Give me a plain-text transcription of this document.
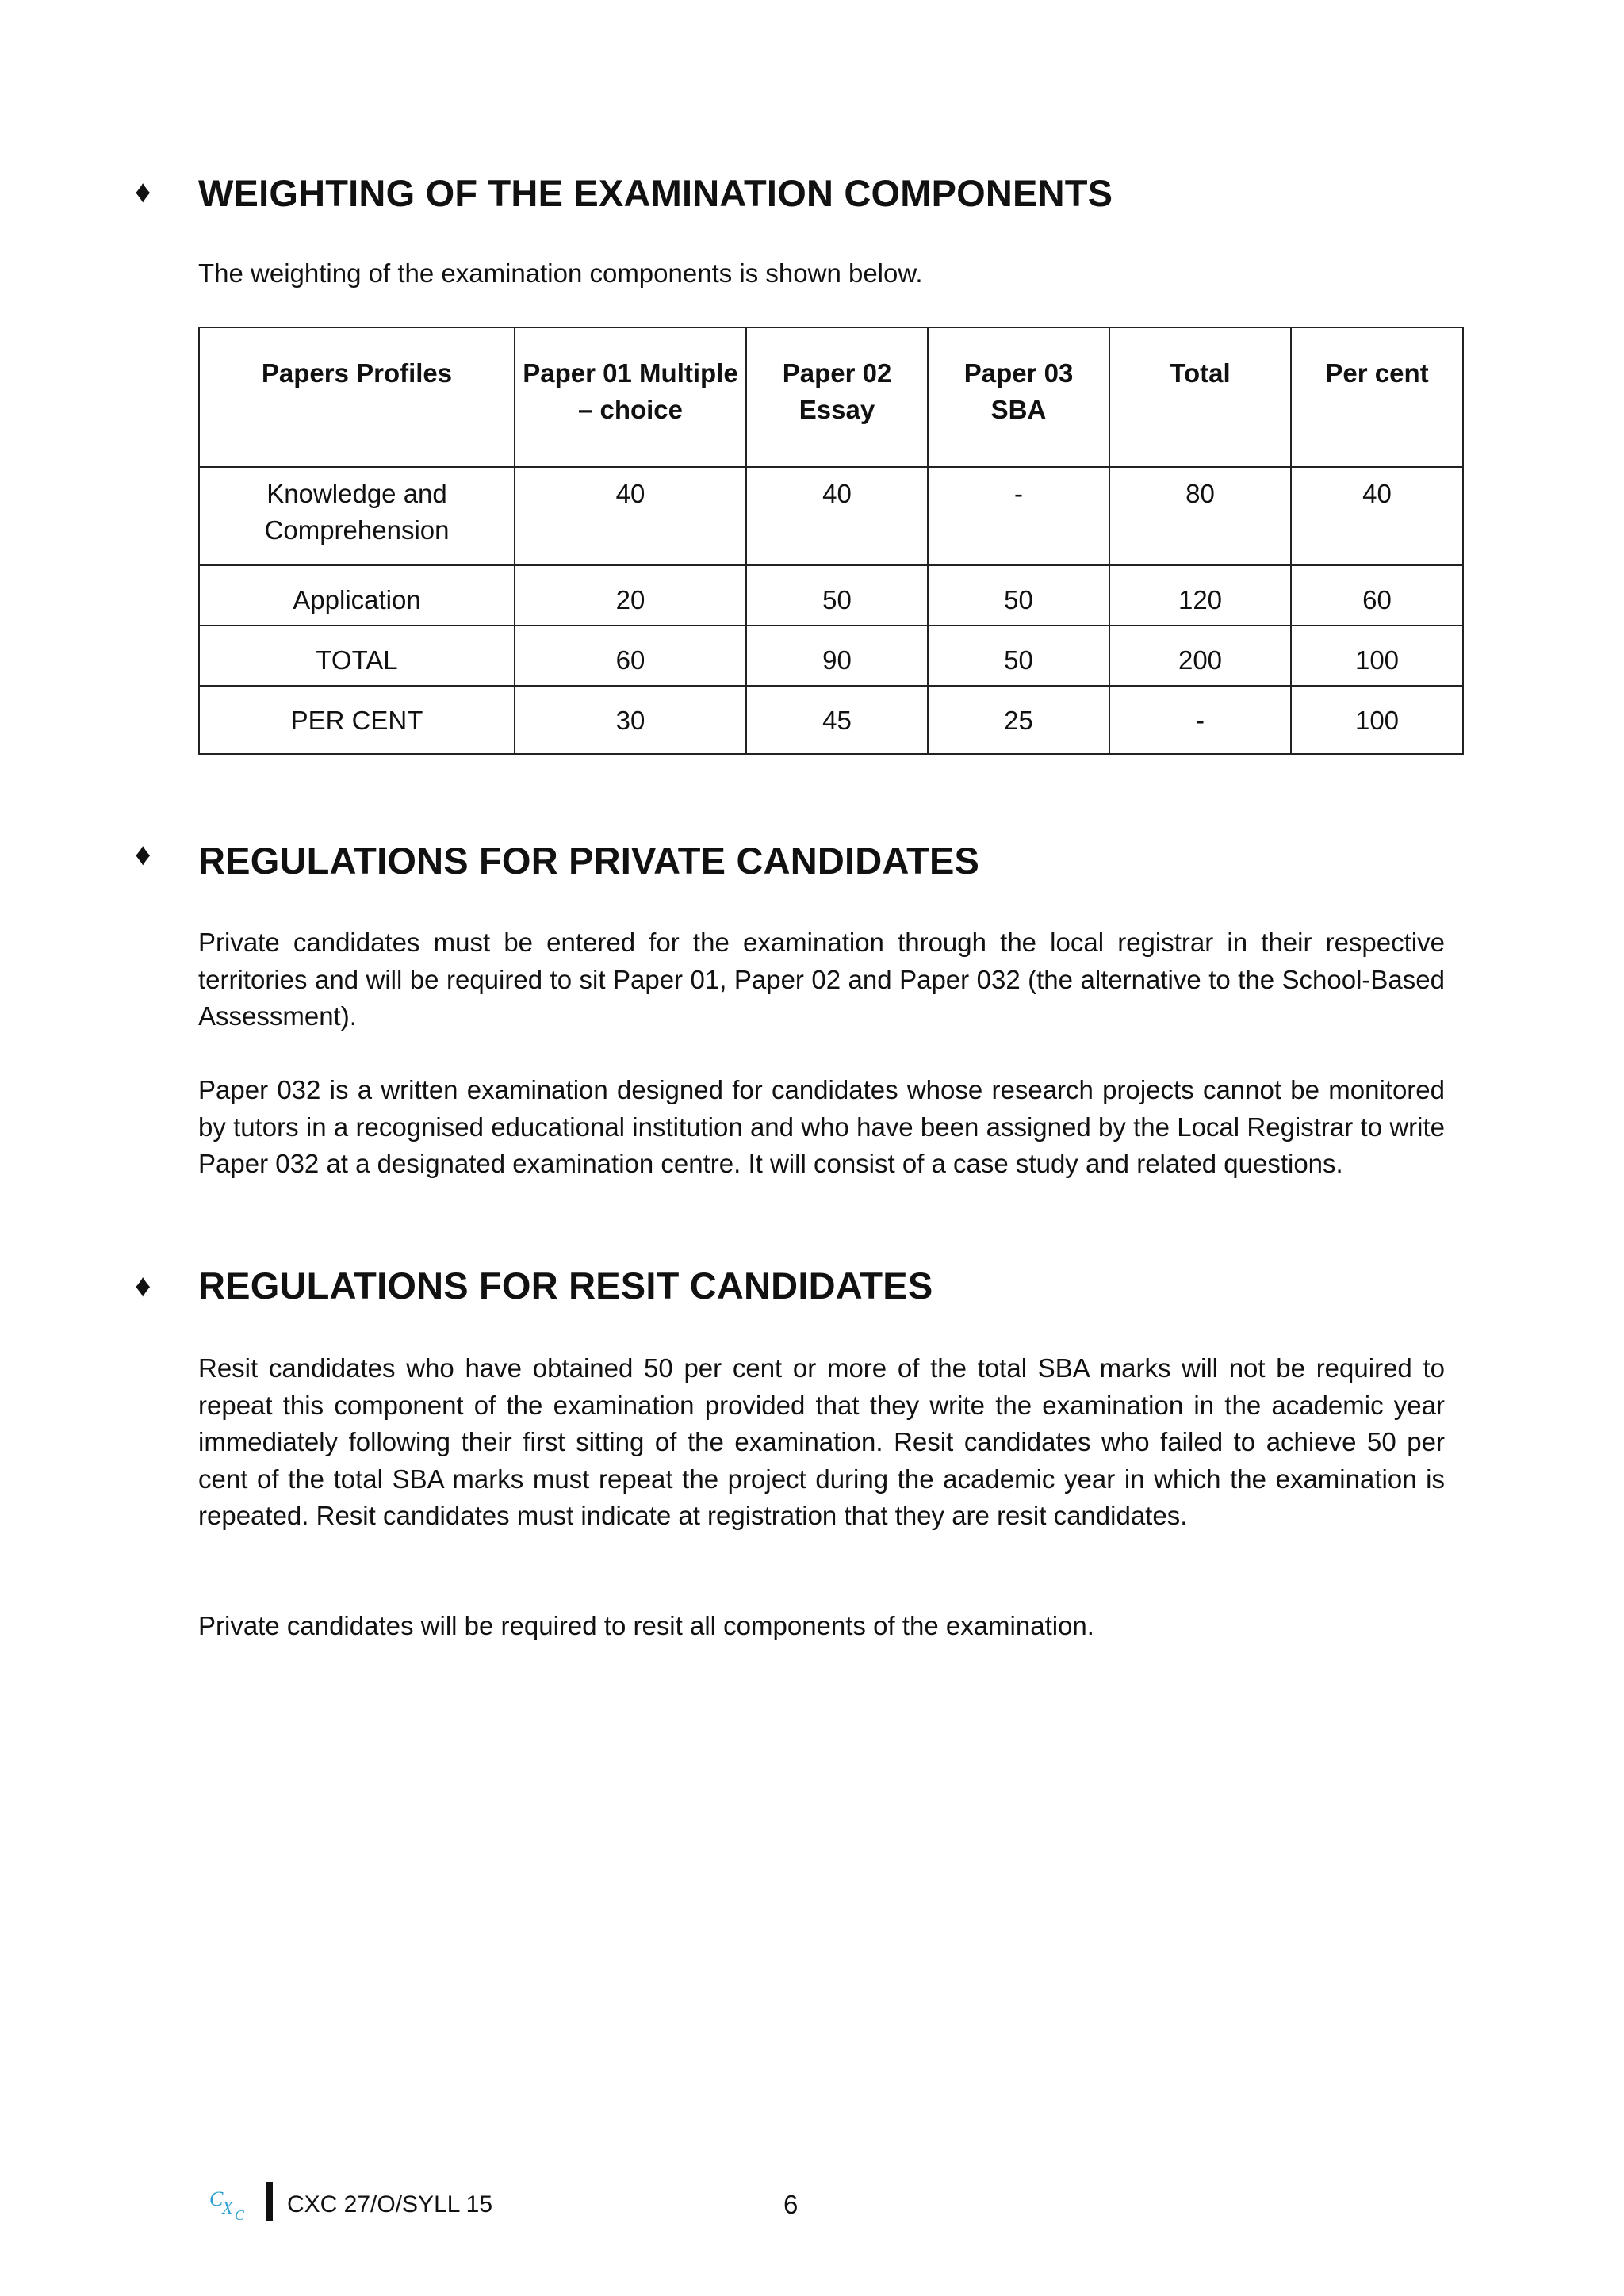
♦ WEIGHTING OF THE EXAMINATION COMPONENTS

The weighting of the examination components is shown below.

Papers Profiles	Paper 01 Multiple – choice	Paper 02 Essay	Paper 03 SBA	Total	Per cent
Knowledge and Comprehension	40	40	-	80	40
Application	20	50	50	120	60
TOTAL	60	90	50	200	100
PER CENT	30	45	25	-	100
♦ REGULATIONS FOR PRIVATE CANDIDATES

Private candidates must be entered for the examination through the local registrar in their respective territories and will be required to sit Paper 01, Paper 02 and Paper 032 (the alternative to the School-Based Assessment).

Paper 032 is a written examination designed for candidates whose research projects cannot be monitored by tutors in a recognised educational institution and who have been assigned by the Local Registrar to write Paper 032 at a designated examination centre. It will consist of a case study and related questions.

♦ REGULATIONS FOR RESIT CANDIDATES

Resit candidates who have obtained 50 per cent or more of the total SBA marks will not be required to repeat this component of the examination provided that they write the examination in the academic year immediately following their first sitting of the examination. Resit candidates who failed to achieve 50 per cent of the total SBA marks must repeat the project during the academic year in which the examination is repeated. Resit candidates must indicate at registration that they are resit candidates.

Private candidates will be required to resit all components of the examination.

C
X C CXC 27/O/SYLL 15	6
